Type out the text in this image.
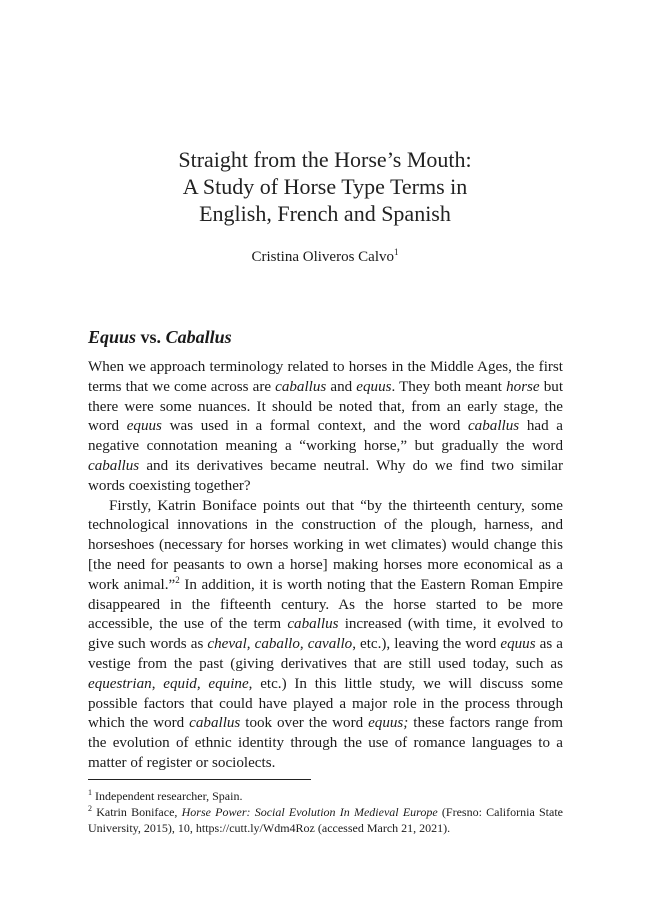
Straight from the Horse’s Mouth:
A Study of Horse Type Terms in
English, French and Spanish
Cristina Oliveros Calvo$^1$
Equus vs. Caballus

When we approach terminology related to horses in the Middle Ages, the first terms that we come across are caballus and equus. They both meant horse but there were some nuances. It should be noted that, from an early stage, the word equus was used in a formal context, and the word caballus had a negative connotation meaning a “working horse,” but gradually the word caballus and its derivatives became neutral. Why do we find two similar words coexisting together?

Firstly, Katrin Boniface points out that “by the thirteenth century, some technological innovations in the construction of the plough, harness, and horseshoes (necessary for horses working in wet climates) would change this [the need for peasants to own a horse] making horses more economical as a work animal.”$^2$ In addition, it is worth noting that the Eastern Roman Empire disappeared in the fifteenth century. As the horse started to be more accessible, the use of the term caballus increased (with time, it evolved to give such words as cheval, caballo, cavallo, etc.), leaving the word equus as a vestige from the past (giving derivatives that are still used today, such as equestrian, equid, equine, etc.) In this little study, we will discuss some possible factors that could have played a major role in the process through which the word caballus took over the word equus; these factors range from the evolution of ethnic identity through the use of romance languages to a matter of register or sociolects.

$^1$ Independent researcher, Spain.

$^2$ Katrin Boniface, Horse Power: Social Evolution In Medieval Europe (Fresno: California State University, 2015), 10, https://cutt.ly/Wdm4Roz (accessed March 21, 2021).
